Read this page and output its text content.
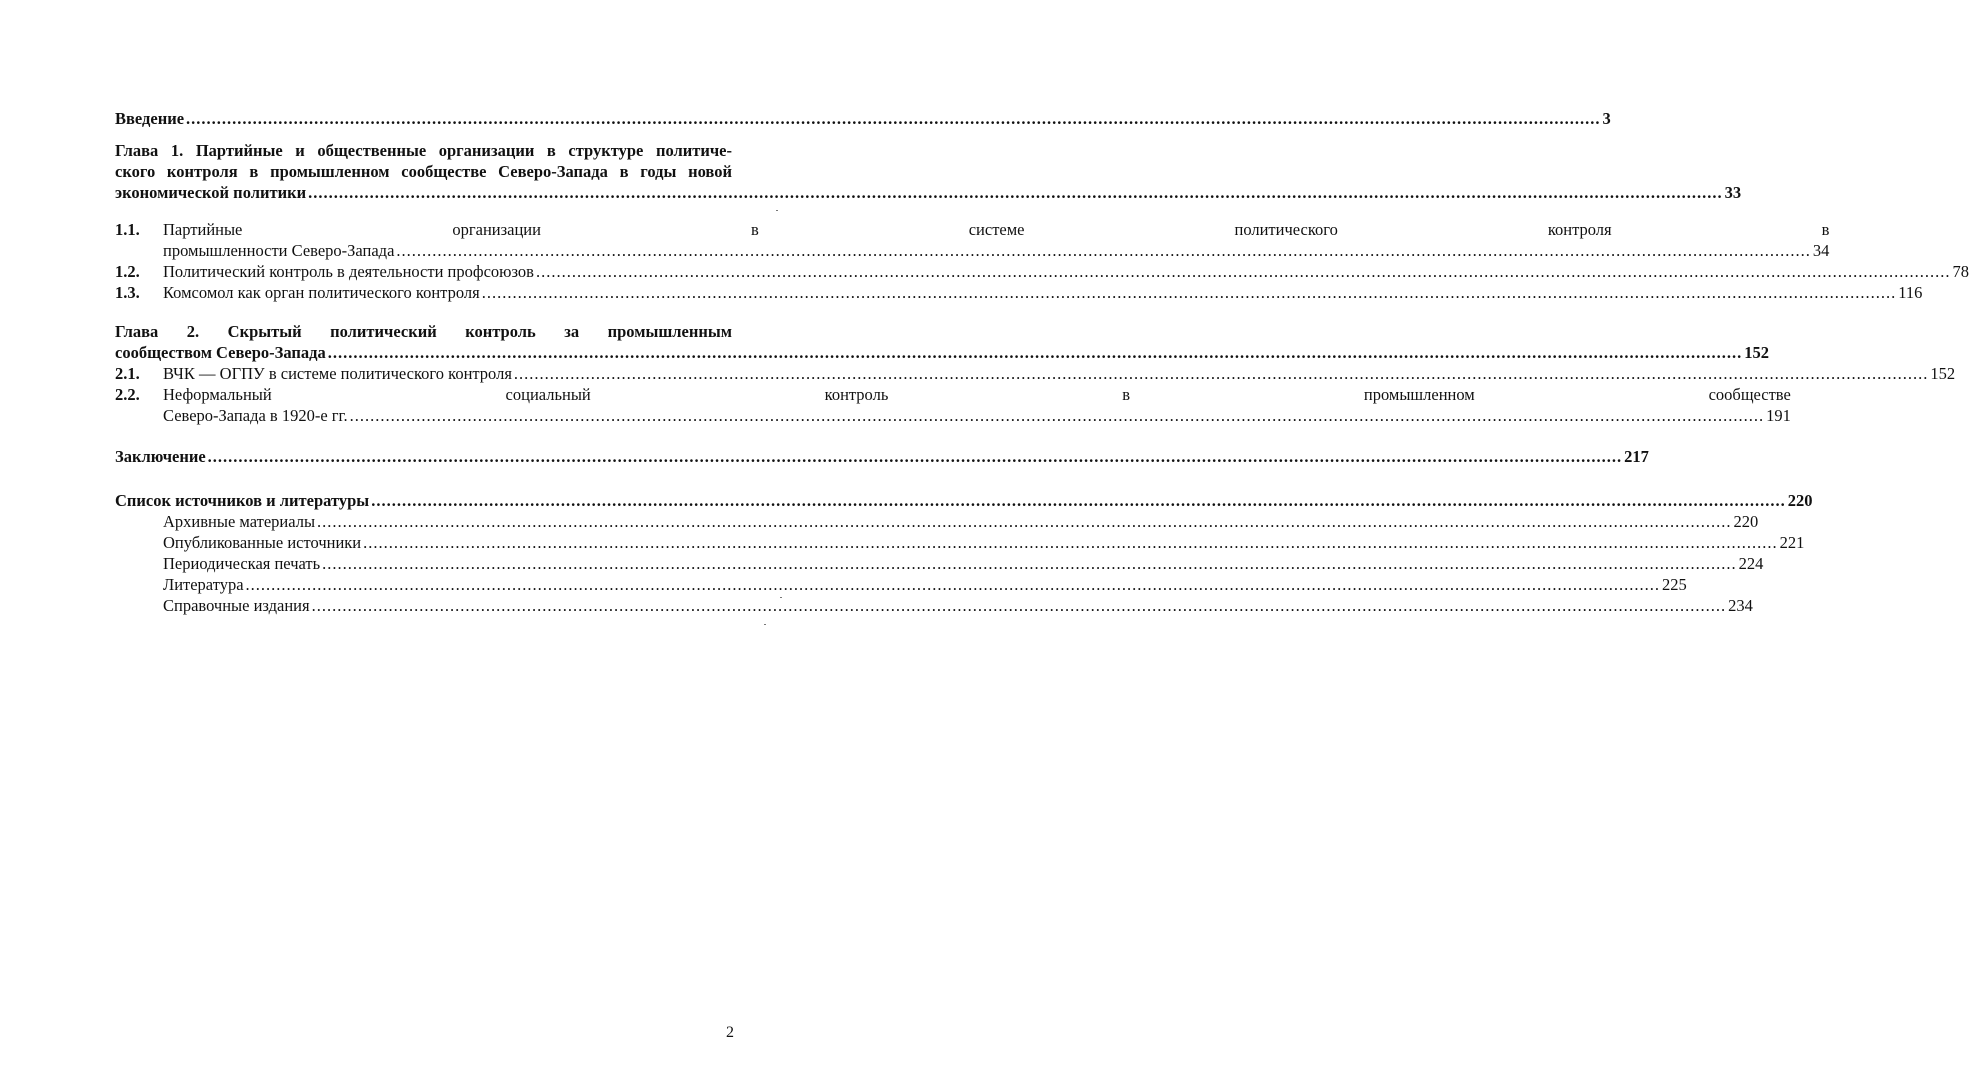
Введение .....	3
Глава 1. Партийные и общественные организации в структуре политиче-
ского контроля в промышленном сообществе Северо-Запада в годы новой
экономической политики .....	33
1.1.	Партийные организации в системе политического контроля в
промышленности Северо-Запада .....	34
1.2.	Политический контроль в деятельности профсоюзов .....	78
1.3.	Комсомол как орган политического контроля .....	116
Глава 2. Скрытый политический контроль за промышленным
сообществом Северо-Запада .....	152
2.1.	ВЧК — ОГПУ в системе политического контроля .....	152
2.2.	Неформальный социальный контроль в промышленном сообществе
Северо-Запада в 1920-е гг. .....	191
Заключение .....	217
Список источников и литературы .....	220
Архивные материалы .....	220
Опубликованные источники .....	221
Периодическая печать .....	224
Литература .....	225
Справочные издания .....	234
2
